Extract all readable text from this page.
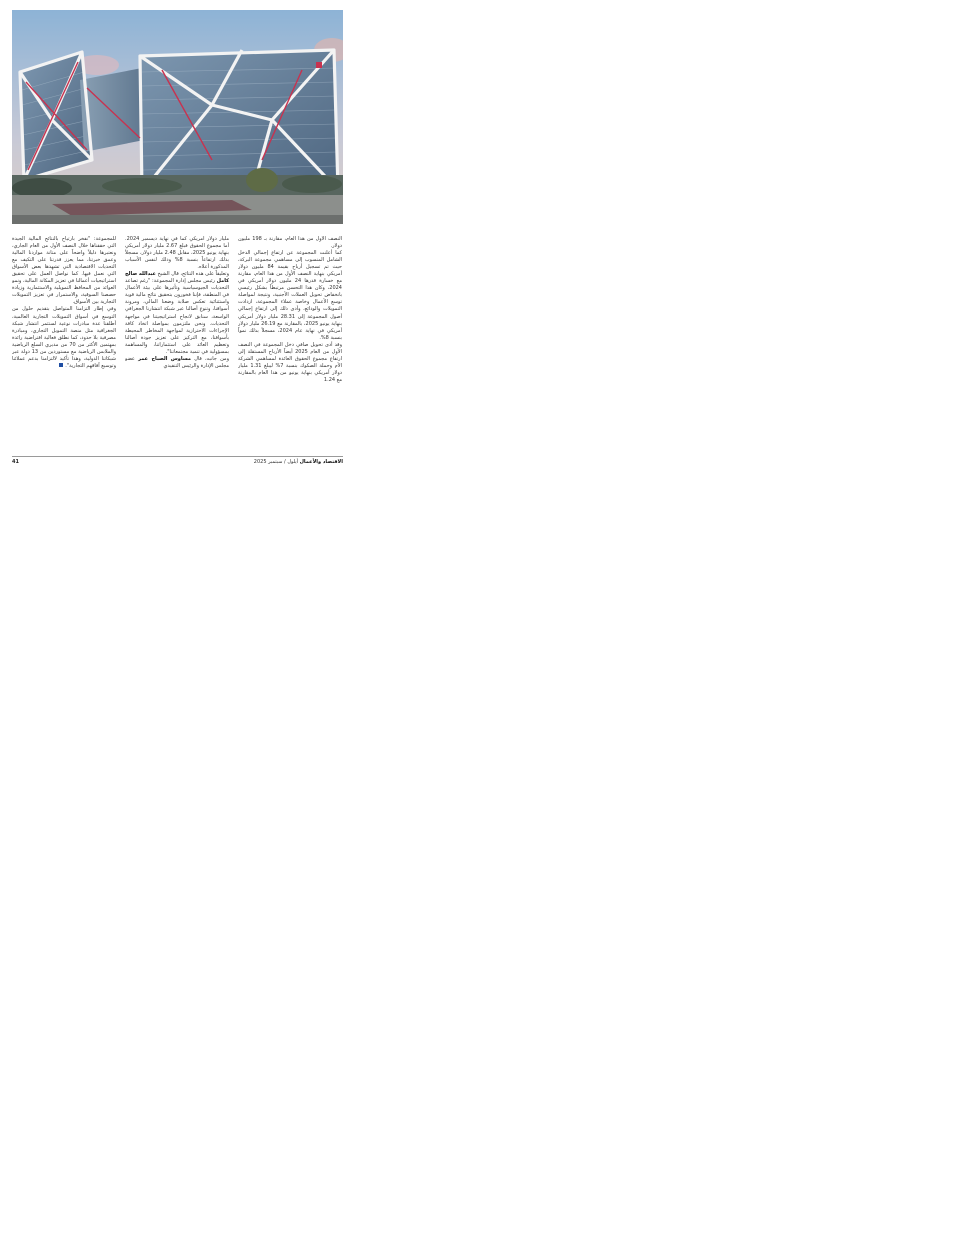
النصف الأول من هذا العام، مقارنة بـ 198 مليون دولار.

كما أعلنت المجموعة عن ارتفاع إجمالي الدخل الشامل المنسوب إلى مساهمي مجموعة البركة، حيث تم تسجيل أرباح بقيمة 84 مليون دولار أمريكي بنهاية النصف الأول من هذا العام، مقارنة مع خسارة قدرها 24 مليون دولار أمريكي في 2024، وكان هذا التحسن مرتبطاً بشكل رئيسي بانخفاض تحويل العملات الأجنبية، ونتيجة لمواصلة توسع الأعمال وخاصة عملاء المجموعة، ازدادت التمويلات والودائع، وأدى ذلك إلى ارتفاع إجمالي أصول المجموعة إلى 28.31 مليار دولار أمريكي بنهاية يونيو 2025، بالمقارنة مع 26.19 مليار دولار أمريكي في نهاية عام 2024، مسجلاً بذلك نمواً بنسبة 8%.

وقد أدى تحويل صافي دخل المجموعة في النصف الأول من العام 2025 أيضاً الأرباح المستقلة إلى ارتفاع مجموع الحقوق العائدة لمساهمي الشركة الأم وحملة الصكوك بنسبة 7% ليبلغ 1.31 مليار دولار أمريكي بنهاية يونيو من هذا العام بالمقارنة مع 1.24

مليار دولار أمريكي كما في نهاية ديسمبر 2024. أما مجموع الحقوق فبلغ 2.67 مليار دولار أمريكي بنهاية يونيو 2025، مقابل 2.48 مليار دولار، مسجلاً بذلك ارتفاعاً بنسبة 8% وذلك لنفس الأسباب المذكورة أعلاه.

وتعليقاً على هذه النتائج، قال الشيخ عبدالله صالح كامل رئيس مجلس إدارة المجموعة: "رغم تصاعد التحديات الجيوسياسية وتأثيرها على بيئة الأعمال في المنطقة، فإننا فخورون بتحقيق نتائج مالية قوية واستثنائية تعكس صلابة وضعنا المالي، ومرونة أسواقنا، وتنوع أصالنا عبر شبكة انتشارنا الجغرافي الواسعة، سنابق لانجاح استراتيجيتنا في مواجهة التحديات. ونحن ملتزمون بمواصلة اتخاذ كافة الإجراءات الاحترازية لمواجهة المخاطر المحيطة بأسواقنا، مع التركيز على تعزيز جودة أصالنا وتعظيم العائد على استثماراتنا، والمساهمة بمسؤولية في تنمية مجتمعاتنا".

ومن جانبه، قال مساوس الصباح عمر عضو مجلس الإدارة والرئيس التنفيذي

للمجموعة: "نفخر بارتياح بالنتائج المالية الجيدة التي حققناها خلال النصف الأول من العام الجاري، ونعتبرها دليلاً واضحاً على متانة مواردنا المالية وعمق خبرتنا، مما يعزز قدرتنا على التكيف مع التحديات الاقتصادية التي تشهدها بعض الأسواق التي نعمل فيها. كما نواصل العمل على تحقيق استراتيجيات أعمالنا في تعزيز المكانة المالية، ونمو العوائد من المحافظ التمويلية والاستثمارية وزيادة حصصنا السوقية، والاستمرار في تعزيز التمويلات التجارية بين الأسواق.

وفي إطار التزامنا المتواصل بتقديم حلول من التوسع في أسواق التمويلات التجارية العالمية، أطلقنا عدة مبادرات نوعية لستثمر انتشار شبكة الجغرافية مثل منصة التمويل التجاري، ومبادرة مصرفية بلا حدود، كما نطلق فعالية افتراضية رائدة بمهتمين الأكثر من 70 من مديري السلع الرياضية والملابس الرياضية مع مستوردين من 13 دولة عبر شبكاتنا الدولية، وهذا تأكيد لالتزامنا بدعم عملائنا وتوسيع آفاقهم التجارية".

41	الاقتصاد والأعمال أيلول / سبتمبر 2025
